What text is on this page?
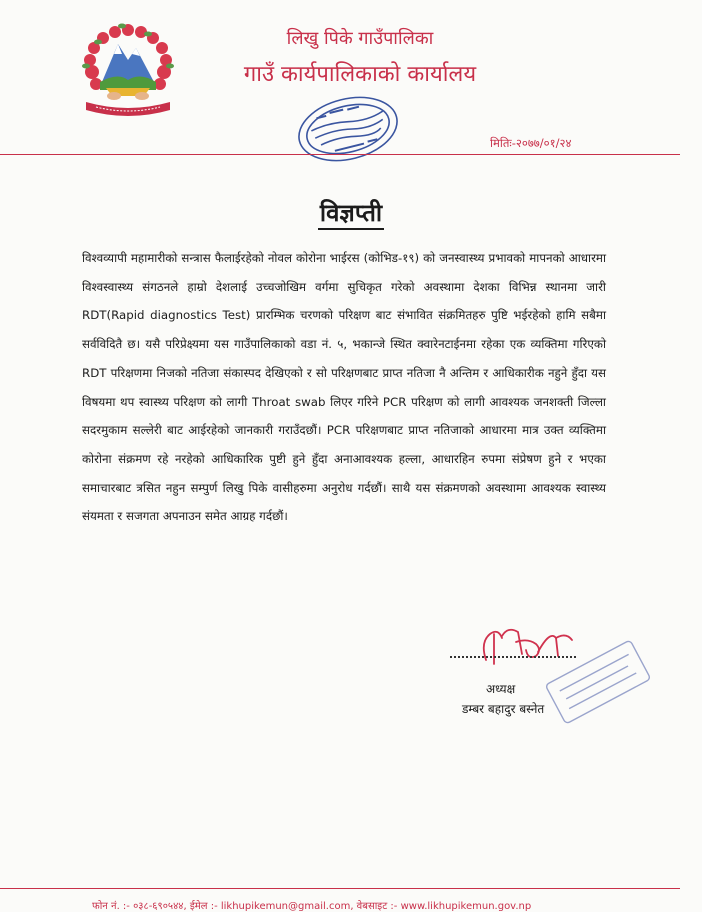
लिखु पिके गाउँपालिका
गाउँ कार्यपालिकाको कार्यालय
मितिः-२०७७/०१/२४
विज्ञप्ती

विश्वव्यापी महामारीको सन्त्रास फैलाईरहेको नोवल कोरोना भाईरस (कोभिड-१९) को जनस्वास्थ्य प्रभावको मापनको आधारमा विश्वस्वास्थ्य संगठनले हाम्रो देशलाई उच्चजोखिम वर्गमा सुचिकृत गरेको अवस्थामा देशका विभिन्न स्थानमा जारी RDT(Rapid diagnostics Test) प्रारम्भिक चरणको परिक्षण बाट संभावित संक्रमितहरु पुष्टि भईरहेको हामि सबैमा सर्वविदितै छ। यसै परिप्रेक्ष्यमा यस गाउँपालिकाको वडा नं. ५, भकान्जे स्थित क्वारेनटाईनमा रहेका एक व्यक्तिमा गरिएको RDT परिक्षणमा निजको नतिजा संकास्पद देखिएको र सो परिक्षणबाट प्राप्त नतिजा नै अन्तिम र आधिकारीक नहुने हुँदा यस विषयमा थप स्वास्थ्य परिक्षण को लागी Throat swab लिएर गरिने PCR परिक्षण को लागी आवश्यक जनशक्ती जिल्ला सदरमुकाम सल्लेरी बाट आईरहेको जानकारी गराउँदछौं। PCR परिक्षणबाट प्राप्त नतिजाको आधारमा मात्र उक्त व्यक्तिमा कोरोना संक्रमण रहे नरहेको आधिकारिक पुष्टी हुने हुँदा अनाआवश्यक हल्ला, आधारहिन रुपमा संप्रेषण हुने र भएका समाचारबाट त्रसित नहुन सम्पुर्ण लिखु पिके वासीहरुमा अनुरोध गर्दछौं। साथै यस संक्रमणको अवस्थामा आवश्यक स्वास्थ्य संयमता र सजगता अपनाउन समेत आग्रह गर्दछौं।

अध्यक्ष
डम्बर बहादुर बस्नेत
फोन नं. :- ०३८-६९०५४४, ईमेल :- likhupikemun@gmail.com, वेबसाइट :- www.likhupikemun.gov.np
